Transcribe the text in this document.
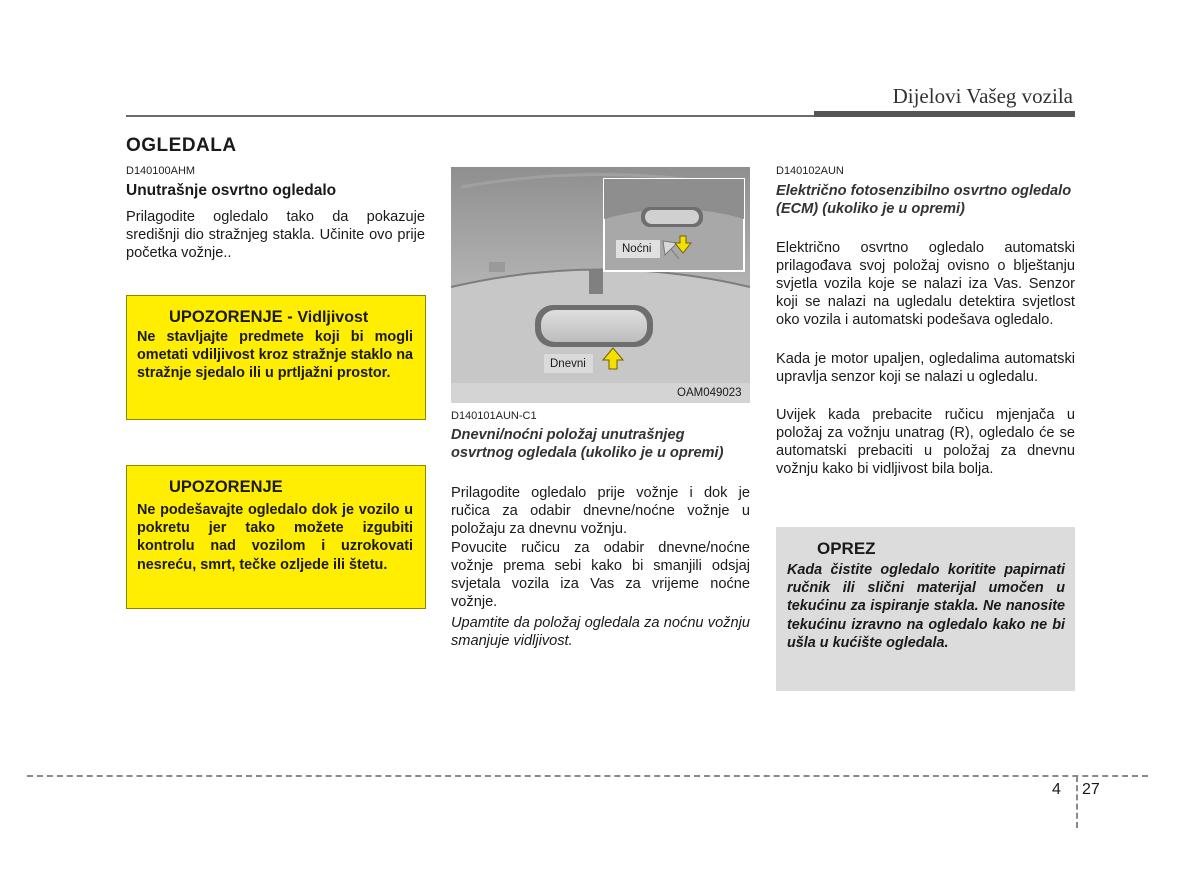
Dijelovi Vašeg vozila
OGLEDALA
D140100AHM
Unutrašnje osvrtno ogledalo
Prilagodite ogledalo tako da pokazuje središnji dio stražnjeg stakla. Učinite ovo prije početka vožnje..
UPOZORENJE - Vidljivost
Ne stavljajte predmete koji bi mogli ometati vdiljivost kroz stražnje staklo na stražnje sjedalo ili u prtljažni prostor.
UPOZORENJE
Ne podešavajte ogledalo dok je vozilo u pokretu jer tako možete izgubiti kontrolu nad vozilom i uzrokovati nesreću, smrt, tečke ozljede ili štetu.
Noćni
Dnevni
OAM049023
D140101AUN-C1
Dnevni/noćni položaj unutrašnjeg osvrtnog ogledala (ukoliko je u opremi)
Prilagodite ogledalo prije vožnje i dok je ručica za odabir dnevne/noćne vožnje u položaju za dnevnu vožnju.
Povucite ručicu za odabir dnevne/noćne vožnje prema sebi kako bi smanjili odsjaj svjetala vozila iza Vas za vrijeme noćne vožnje.
Upamtite da položaj ogledala za noćnu vožnju smanjuje vidljivost.
D140102AUN
Električno fotosenzibilno osvrtno ogledalo (ECM) (ukoliko je u opremi)
Električno osvrtno ogledalo automatski prilagođava svoj položaj ovisno o blještanju svjetla vozila koje se nalazi iza Vas. Senzor koji se nalazi na ugledalu detektira svjetlost oko vozila i automatski podešava ogledalo.
Kada je motor upaljen, ogledalima automatski upravlja senzor koji se nalazi u ogledalu.
Uvijek kada prebacite ručicu mjenjača u položaj za vožnju unatrag (R), ogledalo će se automatski prebaciti u položaj za dnevnu vožnju kako bi vidljivost bila bolja.
OPREZ
Kada čistite ogledalo koritite papirnati ručnik ili slični materijal umočen u tekućinu za ispiranje stakla. Ne nanosite tekućinu izravno na ogledalo kako ne bi ušla u kućište ogledala.
4 27
